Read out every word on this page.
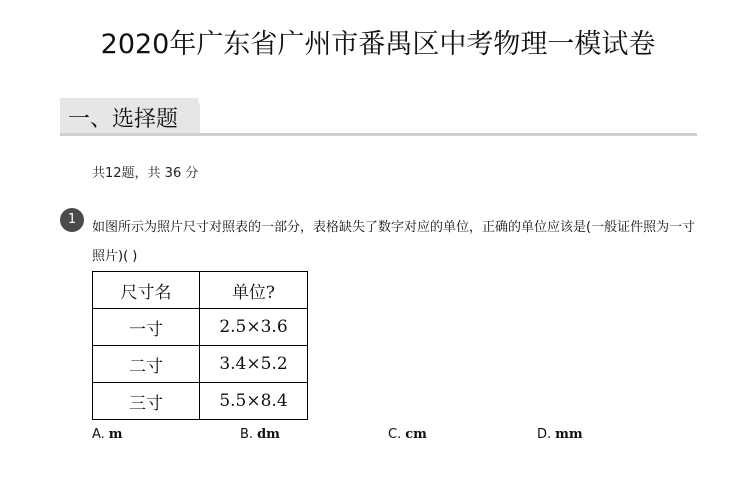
2020年广东省广州市番禺区中考物理一模试卷
一、选择题
共12题，共 36 分
1
如图所示为照片尺寸对照表的一部分，表格缺失了数字对应的单位，正确的单位应该是(一般证件照为一寸照片)( )
尺寸名	单位?
一寸	2.5×3.6
二寸	3.4×5.2
三寸	5.5×8.4
A. m	B. dm	C. cm	D. mm
